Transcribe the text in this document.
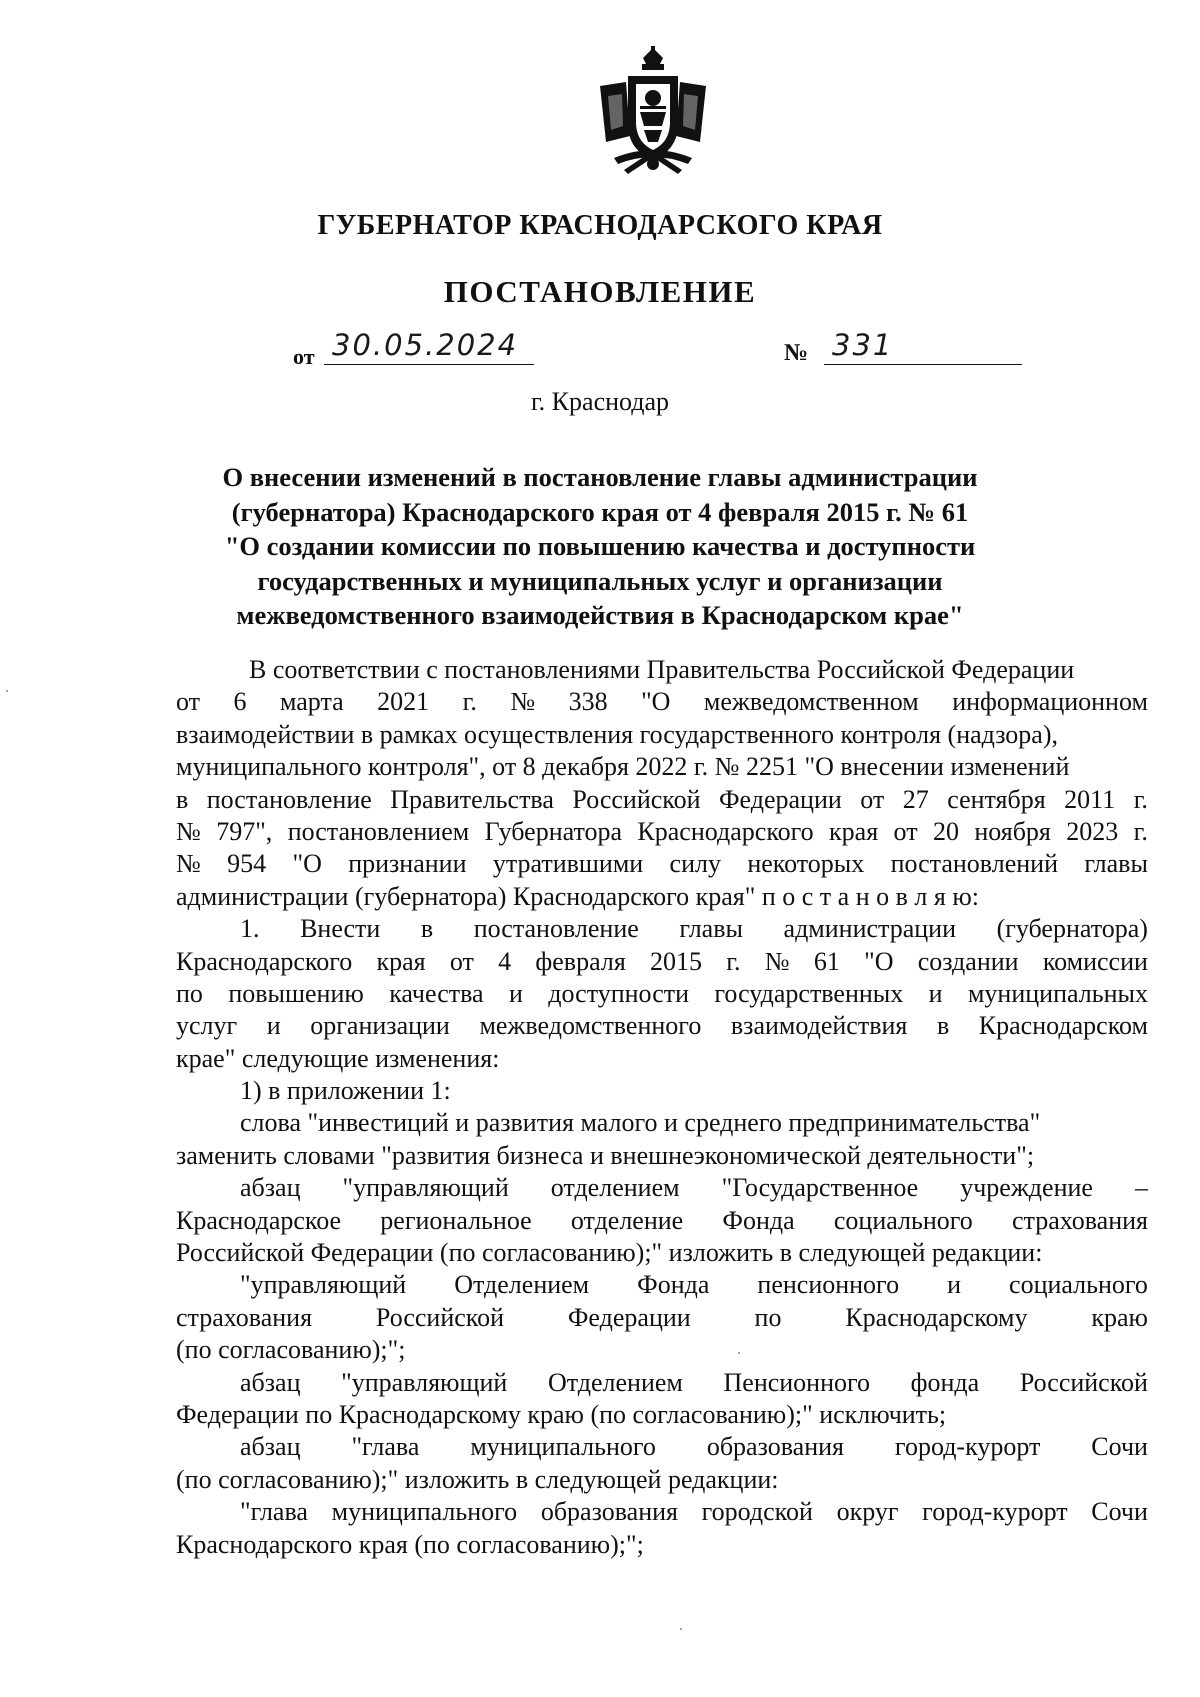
ГУБЕРНАТОР КРАСНОДАРСКОГО КРАЯ
ПОСТАНОВЛЕНИЕ
от 30.05.2024	№ 331
г. Краснодар
О внесении изменений в постановление главы администрации
(губернатора) Краснодарского края от 4 февраля 2015 г. № 61
"О создании комиссии по повышению качества и доступности
государственных и муниципальных услуг и организации
межведомственного взаимодействия в Краснодарском крае"
В соответствии с постановлениями Правительства Российской Федерации
от 6 марта 2021 г. № 338 "О межведомственном информационном
взаимодействии в рамках осуществления государственного контроля (надзора),
муниципального контроля", от 8 декабря 2022 г. № 2251 "О внесении изменений
в постановление Правительства Российской Федерации от 27 сентября 2011 г.
№ 797", постановлением Губернатора Краснодарского края от 20 ноября 2023 г.
№ 954 "О признании утратившими силу некоторых постановлений главы
администрации (губернатора) Краснодарского края" п о с т а н о в л я ю:
1. Внести в постановление главы администрации (губернатора)
Краснодарского края от 4 февраля 2015 г. № 61 "О создании комиссии
по повышению качества и доступности государственных и муниципальных
услуг и организации межведомственного взаимодействия в Краснодарском
крае" следующие изменения:
1) в приложении 1:
слова "инвестиций и развития малого и среднего предпринимательства"
заменить словами "развития бизнеса и внешнеэкономической деятельности";
абзац "управляющий отделением "Государственное учреждение –
Краснодарское региональное отделение Фонда социального страхования
Российской Федерации (по согласованию);" изложить в следующей редакции:
"управляющий Отделением Фонда пенсионного и социального
страхования Российской Федерации по Краснодарскому краю
(по согласованию);";
абзац "управляющий Отделением Пенсионного фонда Российской
Федерации по Краснодарскому краю (по согласованию);" исключить;
абзац "глава муниципального образования город-курорт Сочи
(по согласованию);" изложить в следующей редакции:
"глава муниципального образования городской округ город-курорт Сочи
Краснодарского края (по согласованию);";
